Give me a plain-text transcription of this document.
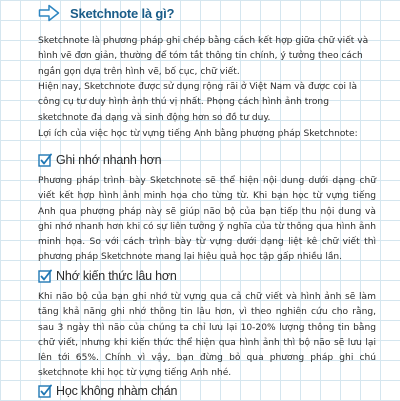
Sketchnote là gì?

Sketchnote là phương pháp ghi chép bằng cách kết hợp giữa chữ viết và hình vẽ đơn giản, thường để tóm tắt thông tin chính, ý tưởng theo cách ngắn gọn dựa trên hình vẽ, bố cục, chữ viết.

Hiện nay, Sketchnote được sử dụng rộng rãi ở Việt Nam và được coi là công cụ tư duy hình ảnh thú vị nhất. Phong cách hình ảnh trong sketchnote đa dạng và sinh động hơn so đồ tư duy.

Lợi ích của việc học từ vựng tiếng Anh bằng phương pháp Sketchnote:

Ghi nhớ nhanh hơn

Phương pháp trình bày Sketchnote sẽ thể hiện nội dung dưới dạng chữ viết kết hợp hình ảnh minh họa cho từng từ. Khi bạn học từ vựng tiếng Anh qua phương pháp này sẽ giúp não bộ của bạn tiếp thu nội dung và ghi nhớ nhanh hơn khi có sự liên tưởng ý nghĩa của từ thông qua hình ảnh minh họa. So với cách trình bày từ vựng dưới dạng liệt kê chữ viết thì phương pháp Sketchnote mang lại hiệu quả học tập gấp nhiều lần.

Nhớ kiến thức lâu hơn

Khi não bộ của bạn ghi nhớ từ vựng qua cả chữ viết và hình ảnh sẽ làm tăng khả năng ghi nhớ thông tin lâu hơn, vì theo nghiên cứu cho rằng, sau 3 ngày thì não của chúng ta chỉ lưu lại 10-20% lượng thông tin bằng chữ viết, nhưng khi kiến thức thể hiện qua hình ảnh thì bộ não sẽ lưu lại lên tới 65%. Chính vì vậy, bạn đừng bỏ qua phương pháp ghi chú sketchnote khi học từ vựng tiếng Anh nhé.

Học không nhàm chán
